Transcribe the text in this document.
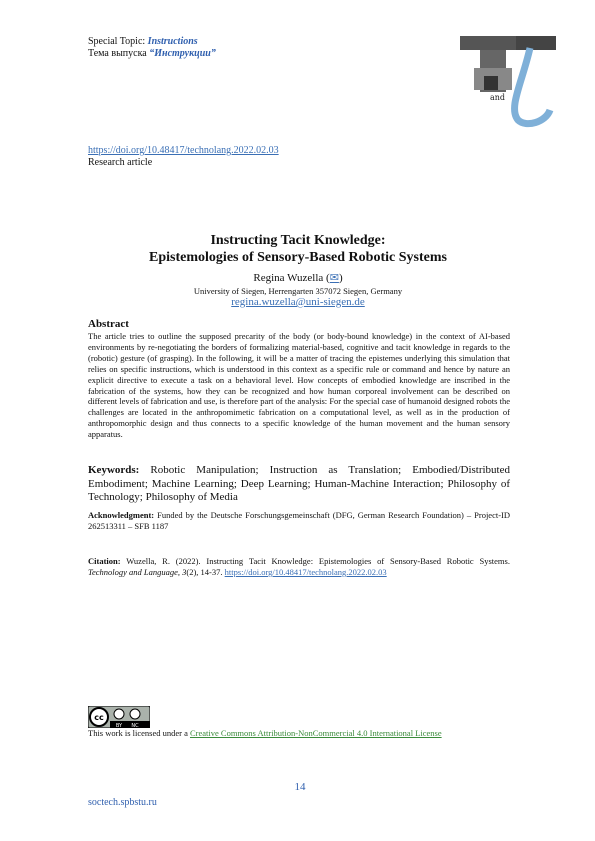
Special Topic: Instructions
Тема выпуска “Инструкции”
and
https://doi.org/10.48417/technolang.2022.02.03
Research article
Instructing Tacit Knowledge:
Epistemologies of Sensory-Based Robotic Systems
Regina Wuzella (✉)
University of Siegen, Herrengarten 357072 Siegen, Germany
regina.wuzella@uni-siegen.de
Abstract
The article tries to outline the supposed precarity of the body (or body-bound knowledge) in the context of AI-based environments by re-negotiating the borders of formalizing material-based, cognitive and tacit knowledge in regards to the (robotic) gesture (of grasping). In the following, it will be a matter of tracing the epistemes underlying this simulation that relies on specific instructions, which is understood in this context as a specific rule or command and hence by nature an explicit directive to execute a task on a behavioral level. How concepts of embodied knowledge are inscribed in the fabrication of the systems, how they can be recognized and how human corporeal involvement can be described on different levels of fabrication and use, is therefore part of the analysis: For the special case of humanoid designed robots the challenges are located in the anthropomimetic fabrication on a computational level, as well as in the production of anthropomorphic design and thus connects to a specific knowledge of the human movement and the human sensory apparatus.
Keywords: Robotic Manipulation; Instruction as Translation; Embodied/Distributed Embodiment; Machine Learning; Deep Learning; Human-Machine Interaction; Philosophy of Technology; Philosophy of Media
Acknowledgment: Funded by the Deutsche Forschungsgemeinschaft (DFG, German Research Foundation) – Project-ID 262513311 – SFB 1187
Citation: Wuzella, R. (2022). Instructing Tacit Knowledge: Epistemologies of Sensory-Based Robotic Systems. Technology and Language, 3(2), 14-37. https://doi.org/10.48417/technolang.2022.02.03
cc
BY NC
This work is licensed under a Creative Commons Attribution-NonCommercial 4.0 International License
14
soctech.spbstu.ru
